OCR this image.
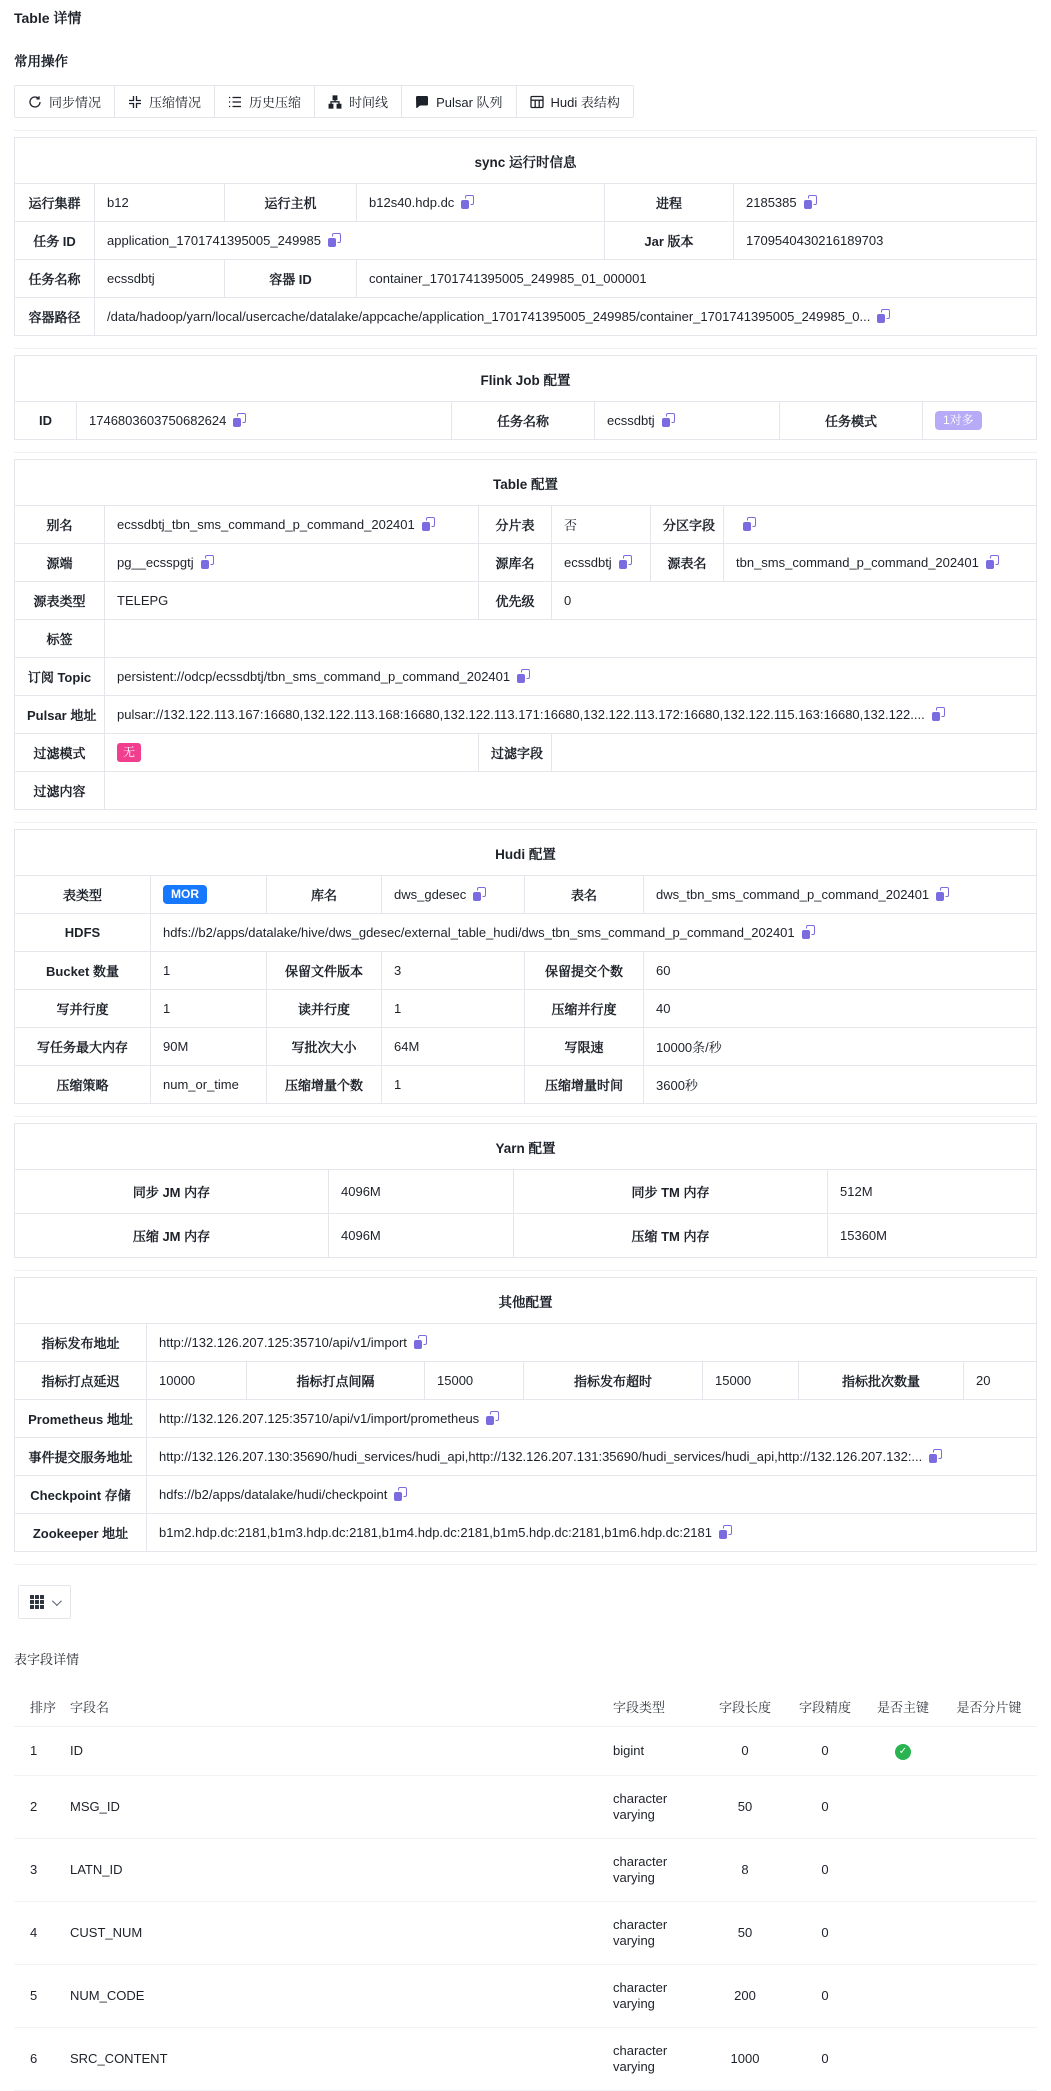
Table 详情
常用操作
同步情况	压缩情况	历史压缩	时间线	Pulsar 队列	Hudi 表结构
sync 运行时信息					
运行集群	b12	运行主机	b12s40.hdp.dc	进程	2185385
任务 ID	application_1701741395005_249985			Jar 版本	1709540430216189703
任务名称	ecssdbtj	容器 ID	container_1701741395005_249985_01_000001		
容器路径	/data/hadoop/yarn/local/usercache/datalake/appcache/application_1701741395005_249985/container_1701741395005_249985_0...				
Flink Job 配置
ID	1746803603750682624	任务名称	ecssdbtj	任务模式	1对多
Table 配置					
别名	ecssdbtj_tbn_sms_command_p_command_202401	分片表	否	分区字段	
源端	pg__ecsspgtj	源库名	ecssdbtj	源表名	tbn_sms_command_p_command_202401
源表类型	TELEPG	优先级	0		
标签					
订阅 Topic	persistent://odcp/ecssdbtj/tbn_sms_command_p_command_202401				
Pulsar 地址	pulsar://132.122.113.167:16680,132.122.113.168:16680,132.122.113.171:16680,132.122.113.172:16680,132.122.115.163:16680,132.122....				
过滤模式	无	过滤字段			
过滤内容					
Hudi 配置					
表类型	MOR	库名	dws_gdesec	表名	dws_tbn_sms_command_p_command_202401
HDFS	hdfs://b2/apps/datalake/hive/dws_gdesec/external_table_hudi/dws_tbn_sms_command_p_command_202401				
Bucket 数量	1	保留文件版本	3	保留提交个数	60
写并行度	1	读并行度	1	压缩并行度	40
写任务最大内存	90M	写批次大小	64M	写限速	10000条/秒
压缩策略	num_or_time	压缩增量个数	1	压缩增量时间	3600秒
Yarn 配置			
同步 JM 内存	4096M	同步 TM 内存	512M
压缩 JM 内存	4096M	压缩 TM 内存	15360M
其他配置							
指标发布地址	http://132.126.207.125:35710/api/v1/import						
指标打点延迟	10000	指标打点间隔	15000	指标发布超时	15000	指标批次数量	20
Prometheus 地址	http://132.126.207.125:35710/api/v1/import/prometheus						
事件提交服务地址	http://132.126.207.130:35690/hudi_services/hudi_api,http://132.126.207.131:35690/hudi_services/hudi_api,http://132.126.207.132:...						
Checkpoint 存储	hdfs://b2/apps/datalake/hudi/checkpoint						
Zookeeper 地址	b1m2.hdp.dc:2181,b1m3.hdp.dc:2181,b1m4.hdp.dc:2181,b1m5.hdp.dc:2181,b1m6.hdp.dc:2181						
表字段详情
排序	字段名	字段类型	字段长度	字段精度	是否主键	是否分片键
1	ID	bigint	0	0	✓	
2	MSG_ID	character varying	50	0		
3	LATN_ID	character varying	8	0		
4	CUST_NUM	character varying	50	0		
5	NUM_CODE	character varying	200	0		
6	SRC_CONTENT	character varying	1000	0		
